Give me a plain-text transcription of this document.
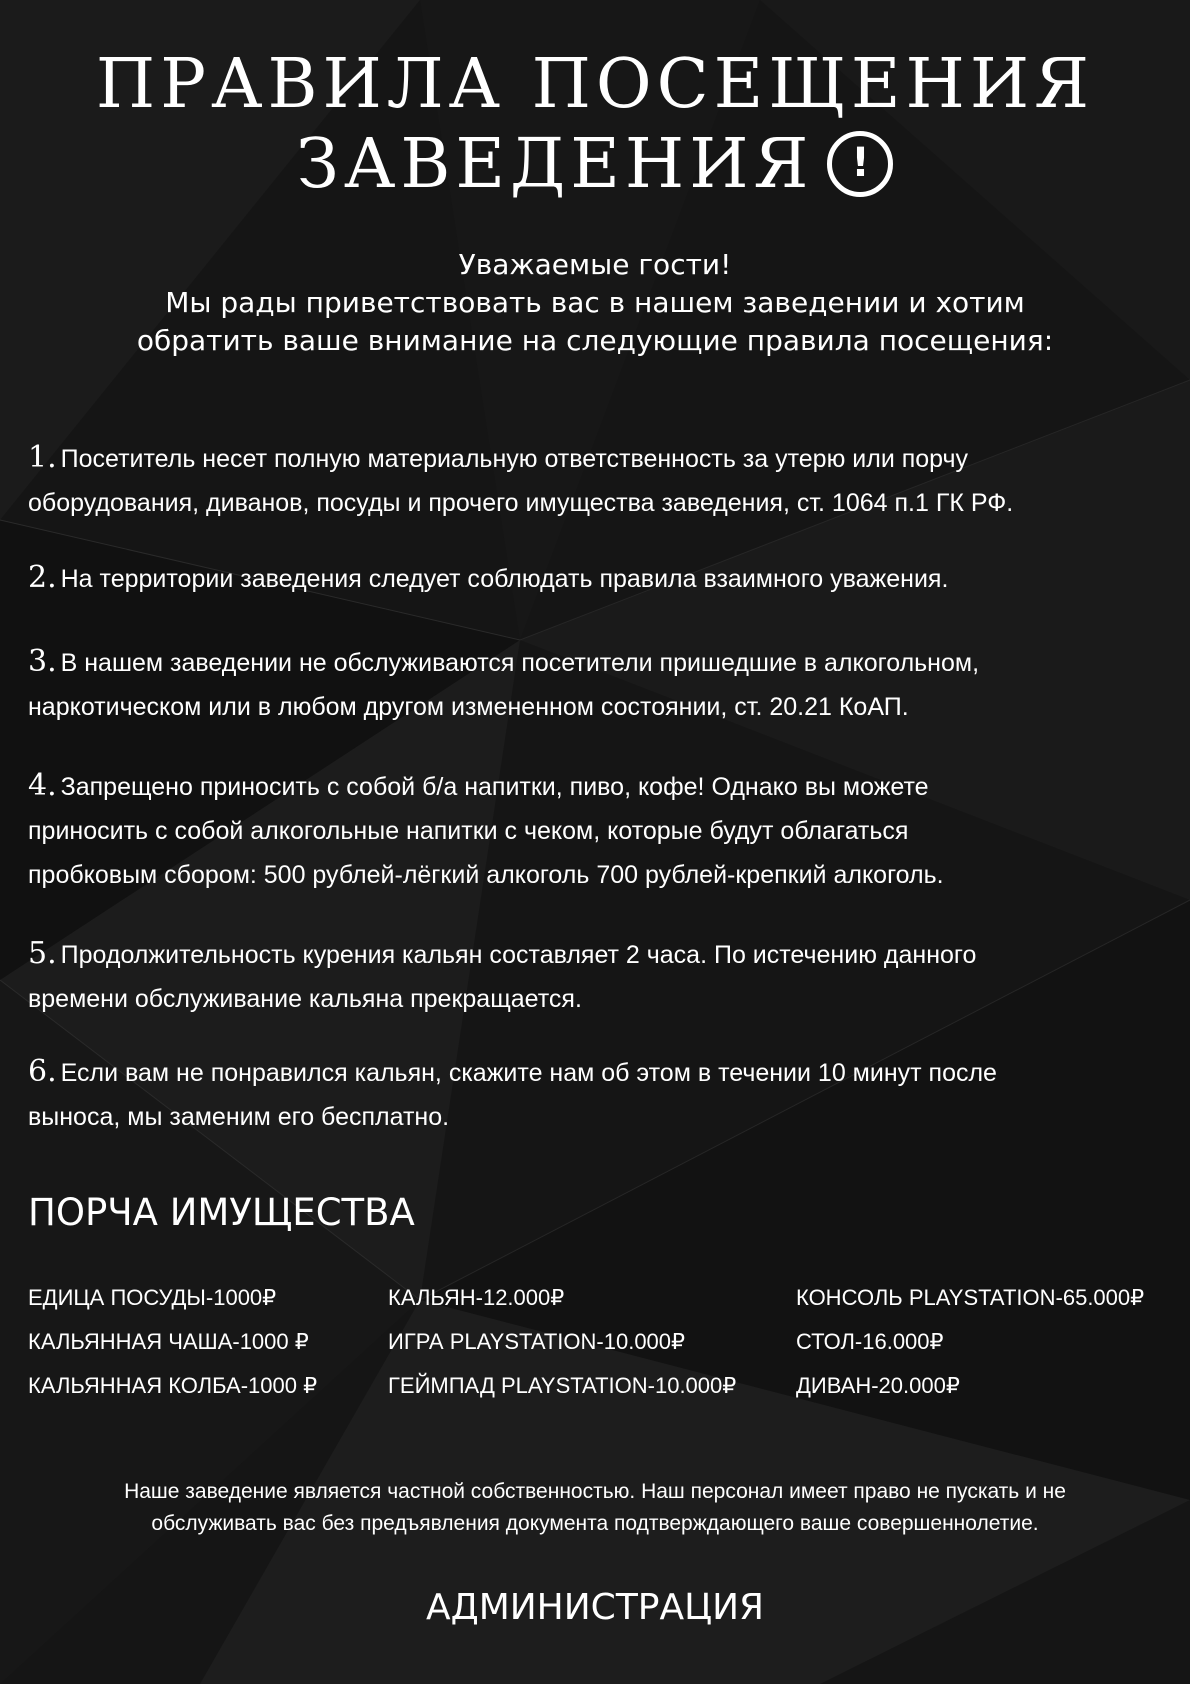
ПРАВИЛА ПОСЕЩЕНИЯ
ЗАВЕДЕНИЯ !
Уважаемые гости!
Мы рады приветствовать вас в нашем заведении и хотим
обратить ваше внимание на следующие правила посещения:
1. Посетитель несет полную материальную ответственность за утерю или порчу
оборудования, диванов, посуды и прочего имущества заведения, ст. 1064 п.1 ГК РФ.
2. На территории заведения следует соблюдать правила взаимного уважения.
3. В нашем заведении не обслуживаются посетители пришедшие в алкогольном,
наркотическом или в любом другом измененном состоянии, ст. 20.21 КоАП.
4. Запрещено приносить с собой б/а напитки, пиво, кофе! Однако вы можете
приносить с собой алкогольные напитки с чеком, которые будут облагаться
пробковым сбором: 500 рублей-лёгкий алкоголь 700 рублей-крепкий алкоголь.
5. Продолжительность курения кальян составляет 2 часа. По истечению данного
времени обслуживание кальяна прекращается.
6. Если вам не понравился кальян, скажите нам об этом в течении 10 минут после
выноса, мы заменим его бесплатно.
ПОРЧА ИМУЩЕСТВА
ЕДИЦА ПОСУДЫ-1000₽
КАЛЬЯННАЯ ЧАША-1000 ₽
КАЛЬЯННАЯ КОЛБА-1000 ₽
КАЛЬЯН-12.000₽
ИГРА PLAYSTATION-10.000₽
ГЕЙМПАД PLAYSTATION-10.000₽
КОНСОЛЬ PLAYSTATION-65.000₽
СТОЛ-16.000₽
ДИВАН-20.000₽
Наше заведение является частной собственностью. Наш персонал имеет право не пускать и не
обслуживать вас без предъявления документа подтверждающего ваше совершеннолетие.
АДМИНИСТРАЦИЯ
